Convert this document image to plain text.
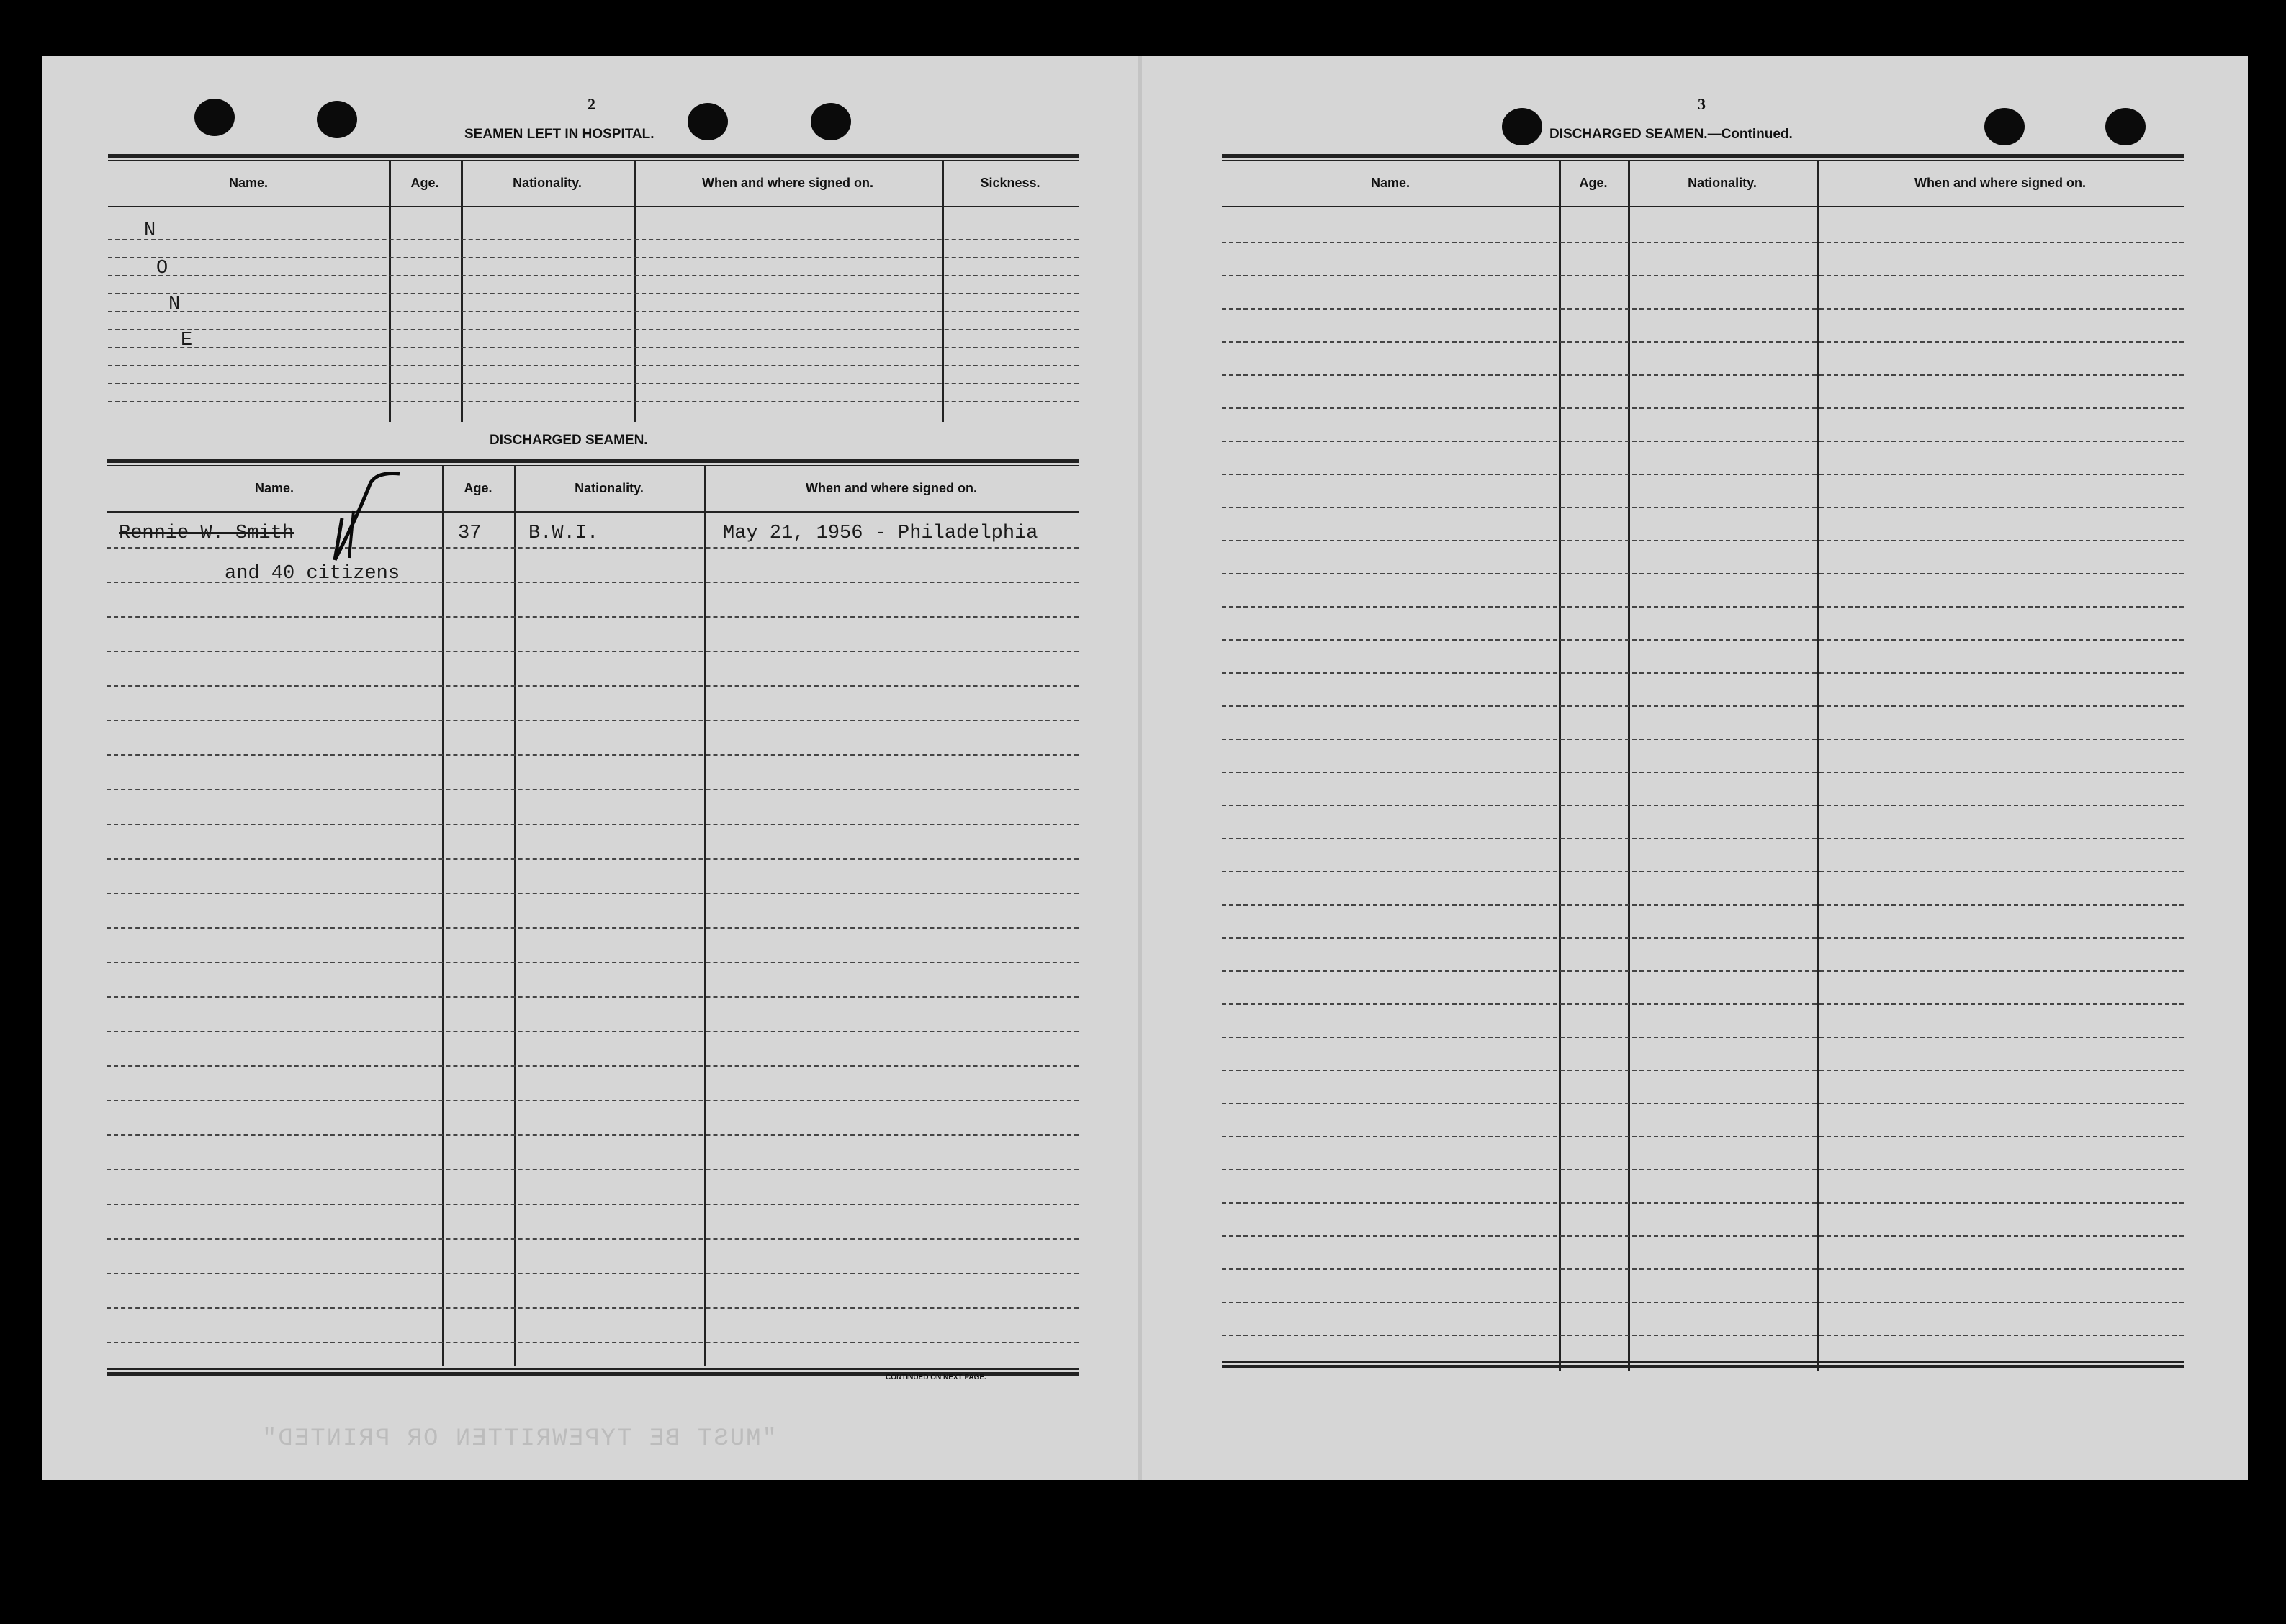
2
SEAMEN LEFT IN HOSPITAL.
Name.	Age.	Nationality.	When and where signed on.	Sickness.
N
O
N
E
DISCHARGED SEAMEN.
Name.	Age.	Nationality.	When and where signed on.
Rennie W. Smith	37 B.W.I.	May 21, 1956 - Philadelphia
and 40 citizens
CONTINUED ON NEXT PAGE.
"MUST BE TYPEWRITTEN OR PRINTED"
3
DISCHARGED SEAMEN.—Continued.
Name.	Age.	Nationality.	When and where signed on.
